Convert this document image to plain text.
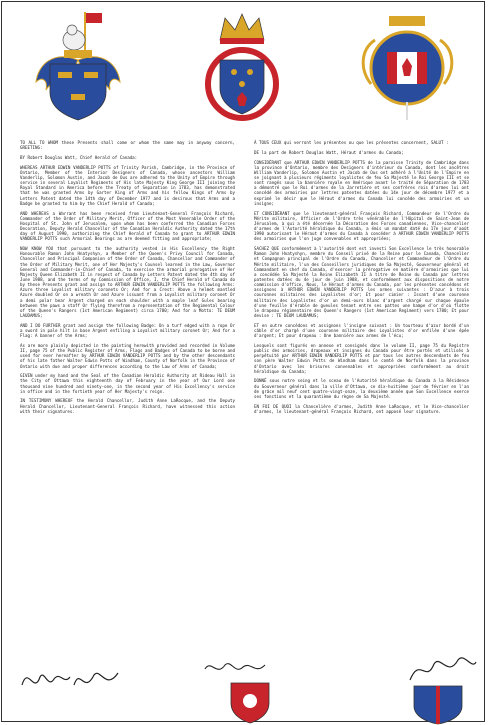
TO ALL TO WHOM these Presents shall come or whom the same may in anyway concern, GREETING:

BY Robert Douglas Watt, Chief Herald of Canada:

WHEREAS ARTHUR EDWIN VANDERLIP POTTS of Trinity Parish, Cambridge, in the Province of Ontario, Member of the Interior Designers of Canada, whose ancestors William Vanderlip, Solomon Austin, and Jacob de Ous are adhered to the Unity of Empire through service in several Loyalist Regiments of His late Majesty King George III joining the Royal Standard in America before the Treaty of Separation in 1783, has demonstrated that he was granted Arms by Garter King of Arms and his fellow Kings of Arms by Letters Patent dated the 14th day of December 1977 and is desirous that Arms and a Badge be granted to him by the Chief Herald of Canada;

AND WHEREAS a Warrant has been received from Lieutenant-General François Richard, Commander of the Order of Military Merit, Officer of the Most Venerable Order of the Hospital of St. John of Jerusalem, upon whom has been conferred the Canadian Forces Decoration, Deputy Herald Chancellor of the Canadian Heraldic Authority dated the 17th day of August 1990, authorizing the Chief Herald of Canada to grant to ARTHUR EDWIN VANDERLIP POTTS such Armorial Bearings as are deemed fitting and appropriate;

NOW KNOW YOU that pursuant to the authority vested in His Excellency the Right Honourable Ramon John Hnatyshyn, a Member of the Queen's Privy Council for Canada, Chancellor and Principal Companion of the Order of Canada, Chancellor and Commander of the Order of Military Merit, one of Her Majesty's Counsel learned in the Law, Governor General and Commander-in-Chief of Canada, to exercise the armorial prerogative of Her Majesty Queen Elizabeth II in respect of Canada by Letters Patent dated the 4th day of June 1988, and the terms of my Commission of Office, I, the Chief Herald of Canada do by these Presents grant and assign to ARTHUR EDWIN VANDERLIP POTTS the following Arms: Azure three Loyalist military coronets Or; And for a Crest: Above a helmet mantled Azure doubled Or on a wreath Or and Azure issuant from a Loyalist military coronet Or a demi polar bear Argent charged on each shoulder with a maple leaf Gules bearing between the paws a staff Or flying therefrom a representation of the Regimental Colour of the Queen's Rangers (1st American Regiment) circa 1780; And for a Motto: TE DEUM LAUDAMUS;

AND I DO FURTHER grant and assign the following Badge: On a turf edged with a rope Or a sword in pale hilt in base Argent enfiling a Loyalist military coronet Or; And for a Flag: A banner of the Arms;

As are more plainly depicted in the painting herewith provided and recorded in Volume II, page 75 of the Public Register of Arms, Flags and Badges of Canada to be borne and used for ever hereafter by ARTHUR EDWIN VANDERLIP POTTS and by the other descendants of his late father Walter Edwin Potts of Windham, County of Norfolk in the Province of Ontario with due and proper differences according to the Law of Arms of Canada;

GIVEN under my hand and the Seal of the Canadian Heraldic Authority at Rideau Hall in the City of Ottawa this eighteenth day of February in the year of Our Lord one thousand nine hundred and ninety-one, in the second year of His Excellency's service in office and in the fortieth year of Her Majesty's reign.

IN TESTIMONY WHEREOF the Herald Chancellor, Judith Anne LaRocque, and the Deputy Herald Chancellor, Lieutenant-General François Richard, have witnessed this action with their signatures.

À TOUS CEUX qui verront les présentes ou que les présentes concernent, SALUT :

DE la part de Robert Douglas Watt, Héraut d'armes du Canada;

CONSIDÉRANT que ARTHUR EDWIN VANDERLIP POTTS de la paroisse Trinity de Cambridge dans la province d'Ontario, membre des Designers d'intérieur du Canada, dont les ancêtres William Vanderlip, Solomon Austin et Jacob de Ous ont adhéré à l'Unité de l'Empire en se joignant à plusieurs régiments loyalistes de feu Sa Majesté le Roi George III et se sont rangés sous la bannière royale en Amérique avant le traité de Séparation de 1783 a démontré que le Roi d'armes de la Jarretière et ses confrères rois d'armes lui ont concédé des armoiries par lettres patentes datées du 14e jour de décembre 1977 et a exprimé le désir que le Héraut d'armes du Canada lui concède des armoiries et un insigne;

ET CONSIDÉRANT que le lieutenant-général François Richard, Commandeur de l'Ordre du Mérite militaire, Officier de l'Ordre très vénérable de l'Hôpital de Saint-Jean de Jérusalem, à qui a été décernée la Décoration des Forces canadiennes, Vice-chancelier d'armes de l'Autorité héraldique du Canada, a émis un mandat daté du 17e jour d'août 1990 autorisant le Héraut d'armes du Canada à concéder à ARTHUR EDWIN VANDERLIP POTTS des armoiries que l'on juge convenables et appropriées;

SACHEZ QUE conformément à l'autorité dont est investi Son Excellence le très honorable Ramon John Hnatyshyn, membre du Conseil privé de la Reine pour le Canada, Chancelier et Compagnon principal de l'Ordre du Canada, Chancelier et Commandeur de l'Ordre du Mérite militaire, l'un des Conseillers juridiques de Sa Majesté, Gouverneur général et Commandant en chef du Canada, d'exercer la prérogative en matière d'armoiries que lui a concédée Sa Majesté la Reine Elizabeth II à titre de Reine du Canada par lettres patentes datées du 4e jour de juin 1988, et conformément aux dispositions de notre commission d'office, Nous, le Héraut d'armes du Canada, par les présentes concédons et assignons à ARTHUR EDWIN VANDERLIP POTTS les armes suivantes : D'azur à trois couronnes militaires des Loyalistes d'or; Et pour cimier : Issant d'une couronne militaire des Loyalistes d'or un demi-ours blanc d'argent chargé sur chaque épaule d'une feuille d'érable de gueules tenant entre ses pattes une hampe d'or d'où flotte le drapeau régimentaire des Queen's Rangers (1st American Regiment) vers 1780; Et pour devise : TE DEUM LAUDAMUS;

ET en outre concédons et assignons l'insigne suivant : Un tourteau d'azur bordé d'un câble d'or chargé d'une couronne militaire des Loyalistes d'or enfilée d'une épée d'argent; Et pour drapeau : Une bannière aux armes de l'écu;

Lesquels sont figurés en annexe et consignés dans le volume II, page 75 du Registre public des armoiries, drapeaux et insignes du Canada pour être portés et utilisés à perpétuité par ARTHUR EDWIN VANDERLIP POTTS et par tous les autres descendants de feu son père Walter Edwin Potts de Windham dans le comté de Norfolk dans la province d'Ontario avec les brisures convenables et appropriées conformément au droit héraldique du Canada;

DONNÉ sous notre seing et le sceau de l'Autorité héraldique du Canada à la Résidence du Gouverneur général dans la ville d'Ottawa, ce dix-huitième jour de février en l'an de grâce mil neuf cent quatre-vingt-onze, la deuxième année que Son Excellence exerce ses fonctions et la quarantième du règne de Sa Majesté.

EN FOI DE QUOI la Chancelière d'armes, Judith Anne LaRocque, et le Vice-chancelier d'armes, le lieutenant-général François Richard, ont apposé leur signature.
